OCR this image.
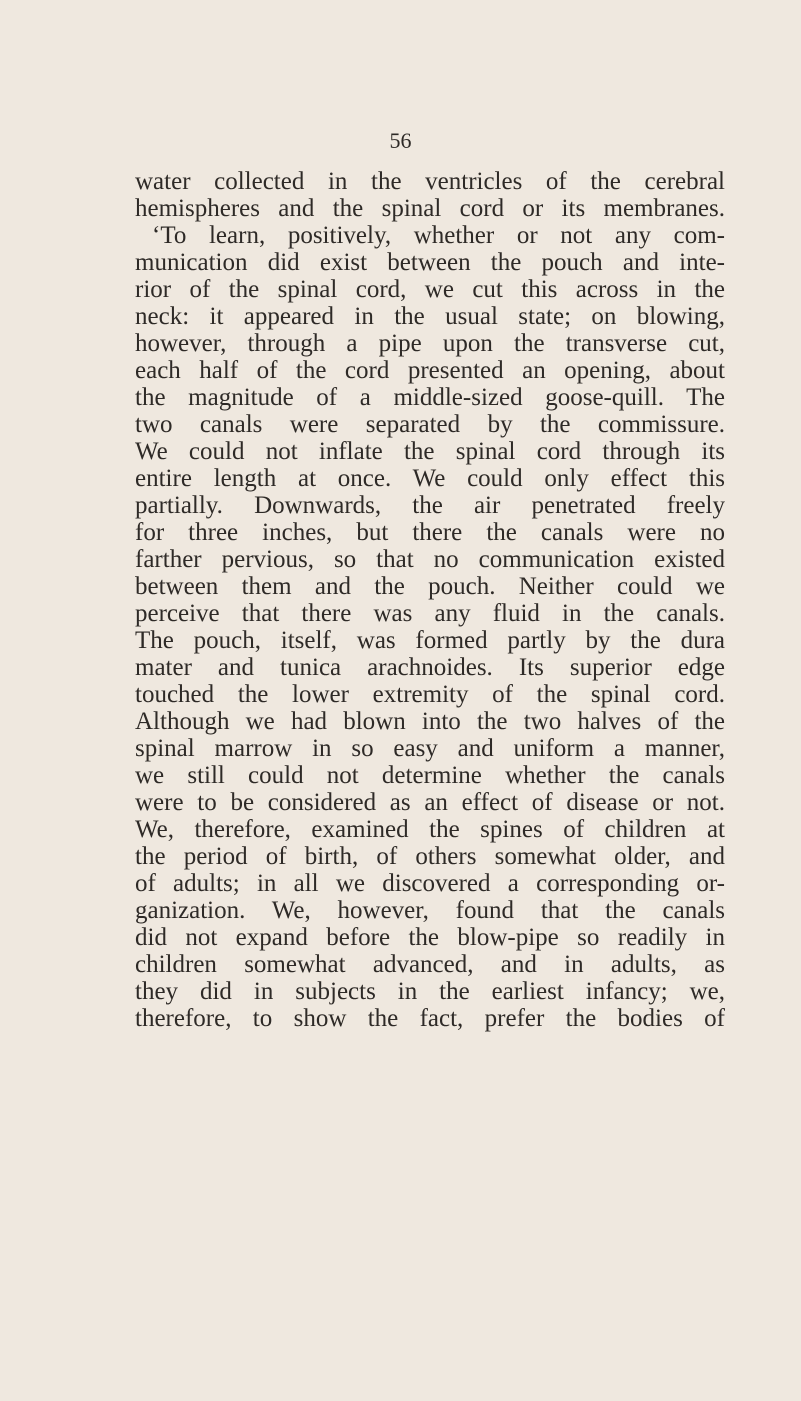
56
water collected in the ventricles of the cerebral
hemispheres and the spinal cord or its membranes.
‘To learn, positively, whether or not any com-
munication did exist between the pouch and inte-
rior of the spinal cord, we cut this across in the
neck: it appeared in the usual state; on blowing,
however, through a pipe upon the transverse cut,
each half of the cord presented an opening, about
the magnitude of a middle-sized goose-quill. The
two canals were separated by the commissure.
We could not inflate the spinal cord through its
entire length at once. We could only effect this
partially. Downwards, the air penetrated freely
for three inches, but there the canals were no
farther pervious, so that no communication existed
between them and the pouch. Neither could we
perceive that there was any fluid in the canals.
The pouch, itself, was formed partly by the dura
mater and tunica arachnoides. Its superior edge
touched the lower extremity of the spinal cord.
Although we had blown into the two halves of the
spinal marrow in so easy and uniform a manner,
we still could not determine whether the canals
were to be considered as an effect of disease or not.
We, therefore, examined the spines of children at
the period of birth, of others somewhat older, and
of adults; in all we discovered a corresponding or-
ganization. We, however, found that the canals
did not expand before the blow-pipe so readily in
children somewhat advanced, and in adults, as
they did in subjects in the earliest infancy; we,
therefore, to show the fact, prefer the bodies of
